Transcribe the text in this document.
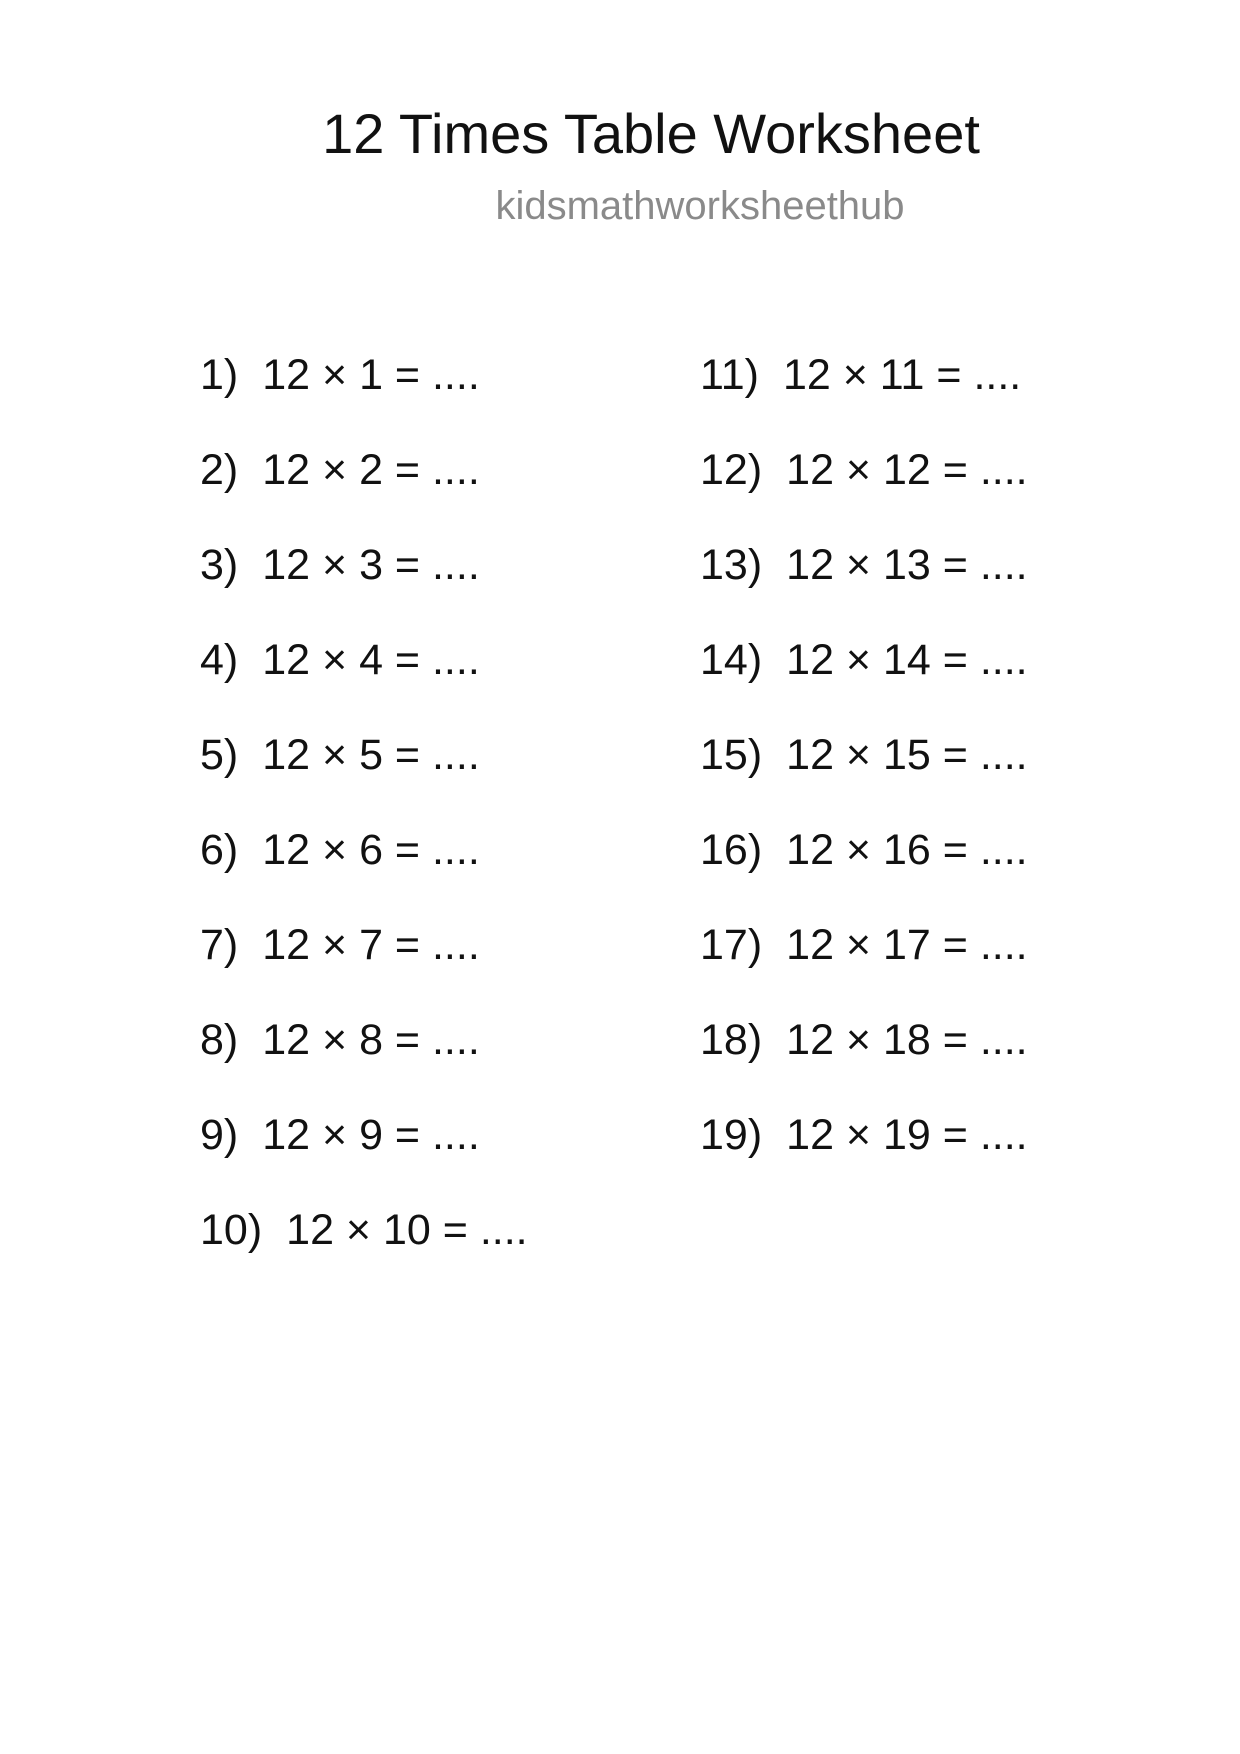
12 Times Table Worksheet
kidsmathworksheethub
1) 12 × 1 = ....
2) 12 × 2 = ....
3) 12 × 3 = ....
4) 12 × 4 = ....
5) 12 × 5 = ....
6) 12 × 6 = ....
7) 12 × 7 = ....
8) 12 × 8 = ....
9) 12 × 9 = ....
10) 12 × 10 = ....
11) 12 × 11 = ....
12) 12 × 12 = ....
13) 12 × 13 = ....
14) 12 × 14 = ....
15) 12 × 15 = ....
16) 12 × 16 = ....
17) 12 × 17 = ....
18) 12 × 18 = ....
19) 12 × 19 = ....
